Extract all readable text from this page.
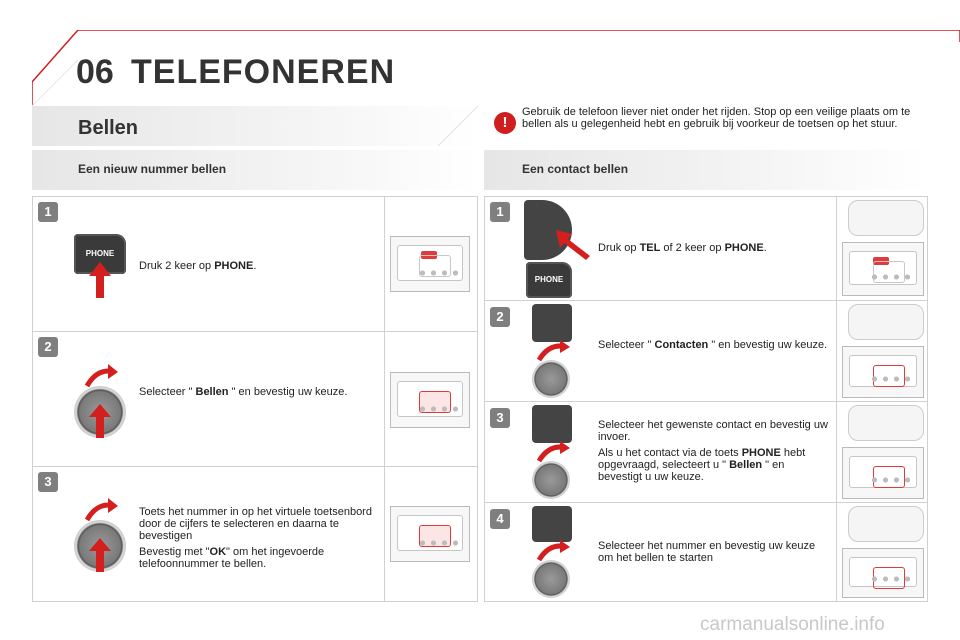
06 TELEFONEREN
Bellen	!
Gebruik de telefoon liever niet onder het rijden. Stop op een veilige plaats om te bellen als u gelegenheid hebt en gebruik bij voorkeur de toetsen op het stuur.
Een nieuw nummer bellen	Een contact bellen
1
PHONE
Druk 2 keer op PHONE.
2
Selecteer " Bellen " en bevestig uw keuze.
3

Toets het nummer in op het virtuele toetsenbord door de cijfers te selecteren en daarna te bevestigen

Bevestig met "OK" om het ingevoerde telefoonnummer te bellen.

1
PHONE
Druk op TEL of 2 keer op PHONE.
2
Selecteer " Contacten " en bevestig uw keuze.
3	Selecteer het gewenste contact en bevestig uw invoer.

Als u het contact via de toets PHONE hebt opgevraagd, selecteert u " Bellen " en bevestigt u uw keuze.

4
Selecteer het nummer en bevestig uw keuze om het bellen te starten
carmanualsonline.info
